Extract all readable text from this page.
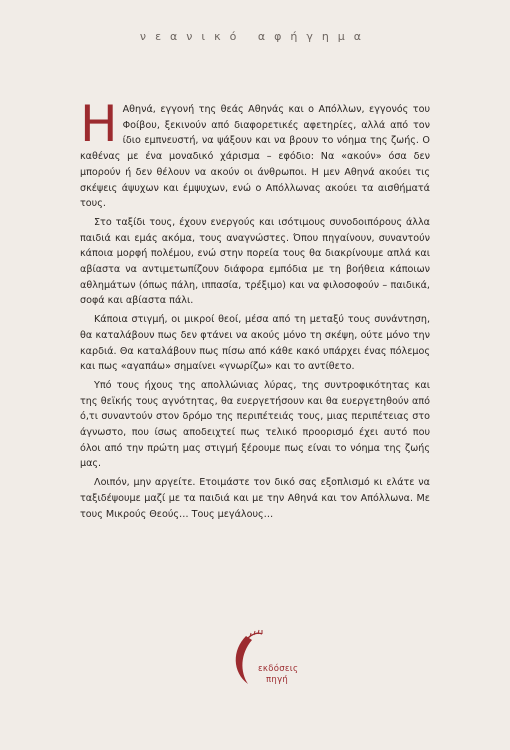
νεανικό αφήγημα

Η Αθηνά, εγγονή της θεάς Αθηνάς και ο Απόλλων, εγγονός του Φοίβου, ξεκινούν από διαφορετικές αφετηρίες, αλλά από τον ίδιο εμπνευστή, να ψάξουν και να βρουν το νόημα της ζωής. Ο καθένας με ένα μοναδικό χάρισμα – εφόδιο: Να «ακούν» όσα δεν μπορούν ή δεν θέλουν να ακούν οι άνθρωποι. Η μεν Αθηνά ακούει τις σκέψεις άψυχων και έμψυχων, ενώ ο Απόλλωνας ακούει τα αισθήματά τους.

Στο ταξίδι τους, έχουν ενεργούς και ισότιμους συνοδοιπόρους άλλα παιδιά και εμάς ακόμα, τους αναγνώστες. Όπου πηγαίνουν, συναντούν κάποια μορφή πολέμου, ενώ στην πορεία τους θα διακρίνουμε απλά και αβίαστα να αντιμετωπίζουν διάφορα εμπόδια με τη βοήθεια κάποιων αθλημάτων (όπως πάλη, ιππασία, τρέξιμο) και να φιλοσοφούν – παιδικά, σοφά και αβίαστα πάλι.

Κάποια στιγμή, οι μικροί θεοί, μέσα από τη μεταξύ τους συνάντηση, θα καταλάβουν πως δεν φτάνει να ακούς μόνο τη σκέψη, ούτε μόνο την καρδιά. Θα καταλάβουν πως πίσω από κάθε κακό υπάρχει ένας πόλεμος και πως «αγαπάω» σημαίνει «γνωρίζω» και το αντίθετο.

Υπό τους ήχους της απολλώνιας λύρας, της συντροφικότητας και της θεϊκής τους αγνότητας, θα ευεργετήσουν και θα ευεργετηθούν από ό,τι συναντούν στον δρόμο της περιπέτειάς τους, μιας περιπέτειας στο άγνωστο, που ίσως αποδειχτεί πως τελικό προορισμό έχει αυτό που όλοι από την πρώτη μας στιγμή ξέρουμε πως είναι το νόημα της ζωής μας.

Λοιπόν, μην αργείτε. Ετοιμάστε τον δικό σας εξοπλισμό κι ελάτε να ταξιδέψουμε μαζί με τα παιδιά και με την Αθηνά και τον Απόλλωνα. Με τους Μικρούς Θεούς… Τους μεγάλους…

εκδόσεις
πηγή
